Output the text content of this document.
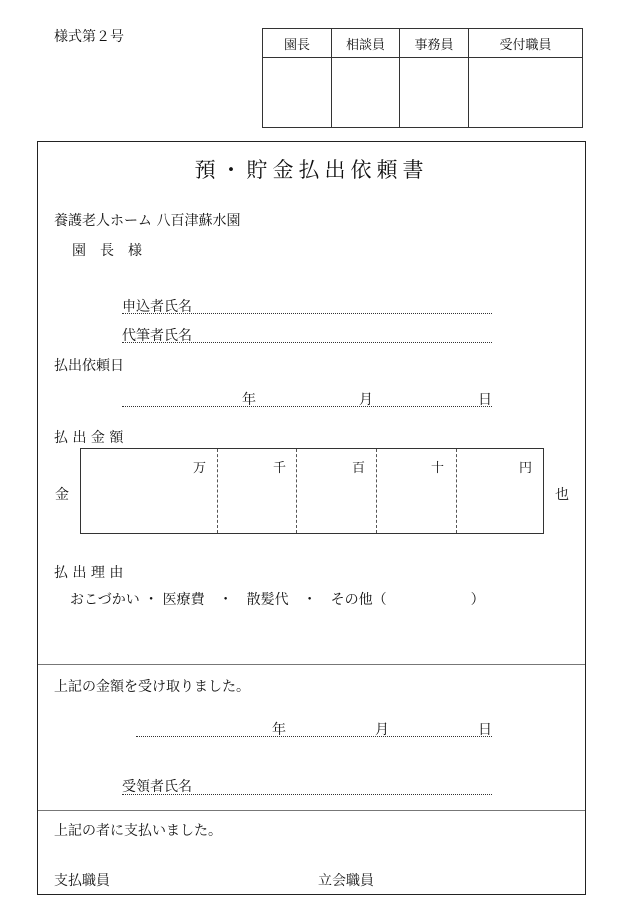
様式第２号	園長	相談員	事務員	受付職員

預・貯金払出依頼書
養護老人ホーム 八百津蘇水園
園　長　様
申込者氏名
代筆者氏名
払出依頼日
年	月	日
払 出 金 額
金	也
万	千	百	十	円
払 出 理 由
おこづかい ・ 医療費　・　散髪代　・　その他（　　　　　　）
上記の金額を受け取りました。
年	月	日
受領者氏名
上記の者に支払いました。
支払職員	立会職員
